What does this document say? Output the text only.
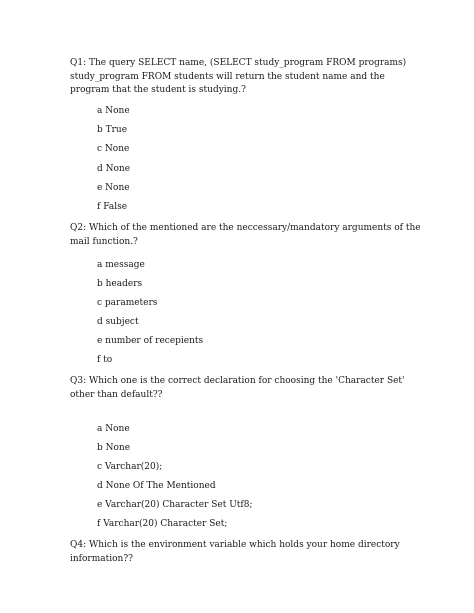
Q1: The query SELECT name, (SELECT study_program FROM programs) study_program FROM students will return the student name and the program that the student is studying.?

a None

b True

c None

d None

e None

f False

Q2: Which of the mentioned are the neccessary/mandatory arguments of the mail function.?

a message

b headers

c parameters

d subject

e number of recepients

f to

Q3: Which one is the correct declaration for choosing the 'Character Set' other than default??

a None

b None

c Varchar(20);

d None Of The Mentioned

e Varchar(20) Character Set Utf8;

f Varchar(20) Character Set;

Q4: Which is the environment variable which holds your home directory information??
